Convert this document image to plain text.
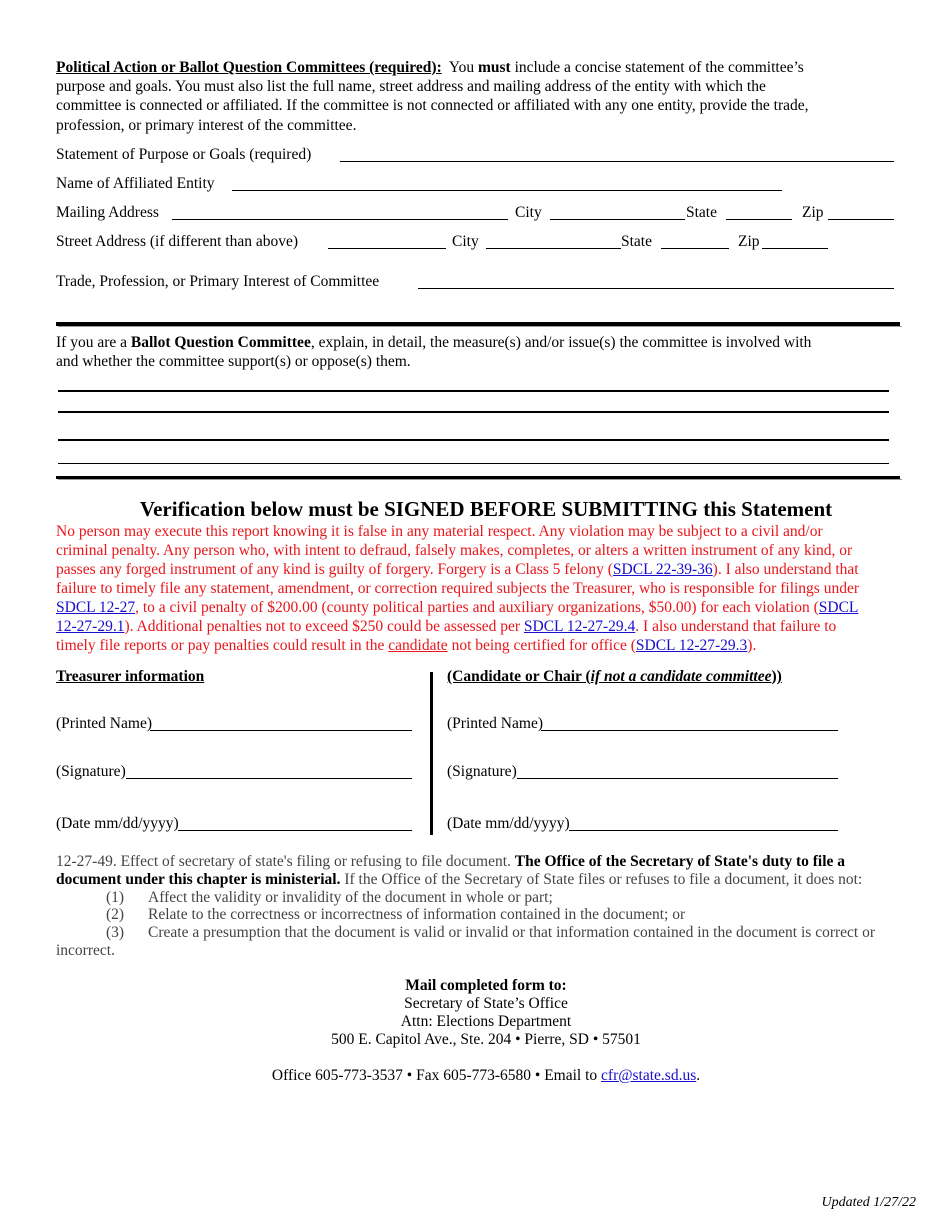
Political Action or Ballot Question Committees (required): You must include a concise statement of the committee’s
purpose and goals. You must also list the full name, street address and mailing address of the entity with which the
committee is connected or affiliated. If the committee is not connected or affiliated with any one entity, provide the trade,
profession, or primary interest of the committee.
Statement of Purpose or Goals (required)
Name of Affiliated Entity
Mailing Address	City	State	Zip
Street Address (if different than above)	City	State	Zip
Trade, Profession, or Primary Interest of Committee
If you are a Ballot Question Committee, explain, in detail, the measure(s) and/or issue(s) the committee is involved with
and whether the committee support(s) or oppose(s) them.
Verification below must be SIGNED BEFORE SUBMITTING this Statement
No person may execute this report knowing it is false in any material respect. Any violation may be subject to a civil and/or
criminal penalty. Any person who, with intent to defraud, falsely makes, completes, or alters a written instrument of any kind, or
passes any forged instrument of any kind is guilty of forgery. Forgery is a Class 5 felony (SDCL 22-39-36). I also understand that
failure to timely file any statement, amendment, or correction required subjects the Treasurer, who is responsible for filings under
SDCL 12-27, to a civil penalty of $200.00 (county political parties and auxiliary organizations, $50.00) for each violation (SDCL
12-27-29.1). Additional penalties not to exceed $250 could be assessed per SDCL 12-27-29.4. I also understand that failure to
timely file reports or pay penalties could result in the candidate not being certified for office (SDCL 12-27-29.3).
Treasurer information	(Candidate or Chair (if not a candidate committee))
(Printed Name)	(Printed Name)
(Signature)	(Signature)
(Date mm/dd/yyyy)	(Date mm/dd/yyyy)
12-27-49. Effect of secretary of state's filing or refusing to file document. The Office of the Secretary of State's duty to file a
document under this chapter is ministerial. If the Office of the Secretary of State files or refuses to file a document, it does not:
(1) Affect the validity or invalidity of the document in whole or part;
(2) Relate to the correctness or incorrectness of information contained in the document; or
(3) Create a presumption that the document is valid or invalid or that information contained in the document is correct or
incorrect.
Mail completed form to:
Secretary of State’s Office
Attn: Elections Department
500 E. Capitol Ave., Ste. 204 • Pierre, SD • 57501
Office 605-773-3537 • Fax 605-773-6580 • Email to cfr@state.sd.us.
Updated 1/27/22
